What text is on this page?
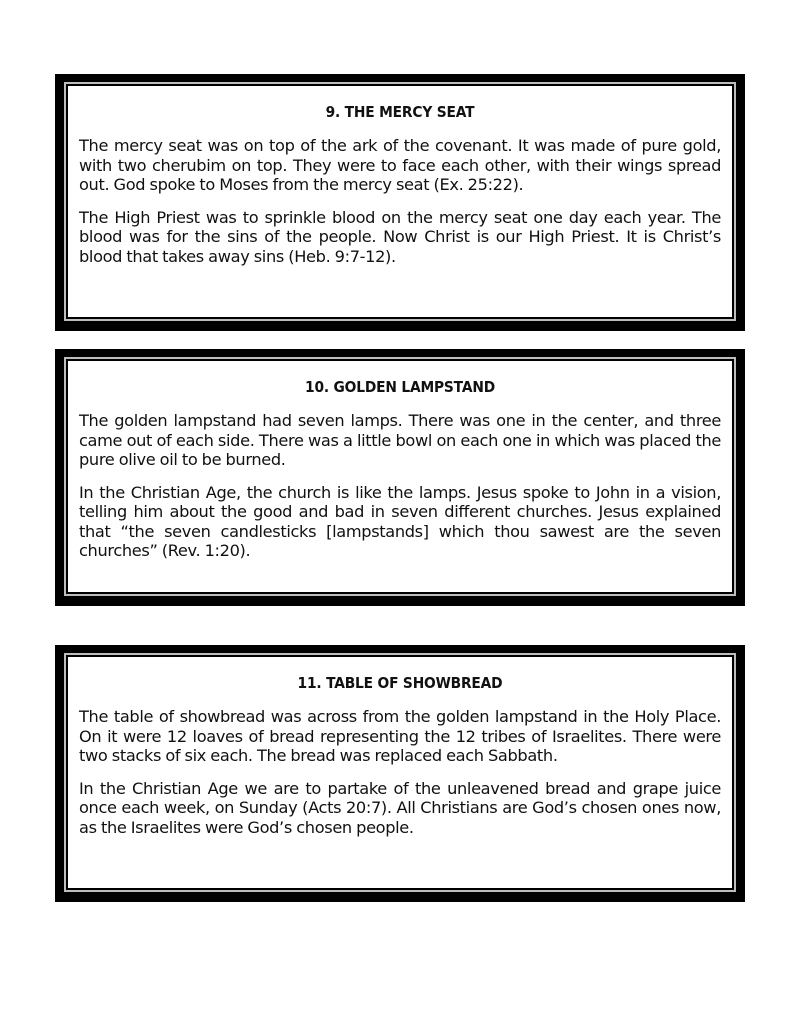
9. THE MERCY SEAT

The mercy seat was on top of the ark of the covenant. It was made of pure gold, with two cherubim on top. They were to face each other, with their wings spread out. God spoke to Moses from the mercy seat (Ex. 25:22).

The High Priest was to sprinkle blood on the mercy seat one day each year. The blood was for the sins of the people. Now Christ is our High Priest. It is Christ’s blood that takes away sins (Heb. 9:7-12).

10. GOLDEN LAMPSTAND

The golden lampstand had seven lamps. There was one in the center, and three came out of each side. There was a little bowl on each one in which was placed the pure olive oil to be burned.

In the Christian Age, the church is like the lamps. Jesus spoke to John in a vision, telling him about the good and bad in seven different churches. Jesus explained that “the seven candlesticks [lampstands] which thou sawest are the seven churches” (Rev. 1:20).

11. TABLE OF SHOWBREAD

The table of showbread was across from the golden lampstand in the Holy Place. On it were 12 loaves of bread representing the 12 tribes of Israelites. There were two stacks of six each. The bread was replaced each Sabbath.

In the Christian Age we are to partake of the unleavened bread and grape juice once each week, on Sunday (Acts 20:7). All Christians are God’s chosen ones now, as the Israelites were God’s chosen people.
